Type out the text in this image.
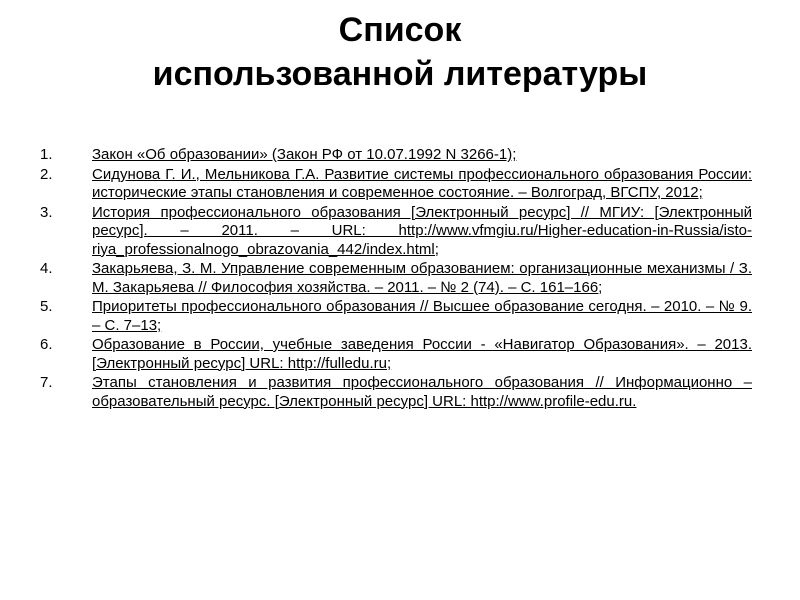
Список
использованной литературы
1.	Закон «Об образовании» (Закон РФ от 10.07.1992 N 3266-1);
2.	Сидунова Г. И., Мельникова Г.А. Развитие системы профессионального образования России: исторические этапы становления и современное состояние. – Волгоград, ВГСПУ, 2012;
3.	История профессионального образования [Электронный ресурс] // МГИУ: [Электронный ресурс]. – 2011. – URL: http://www.vfmgiu.ru/Higher-education-in-Russia/isto-riya_professionalnogo_obrazovania_442/index.html;
4.	Закарьяева, З. М. Управление современным образованием: организационные механизмы / З. М. Закарьяева // Философия хозяйства. – 2011. – № 2 (74). – С. 161–166;
5.	Приоритеты профессионального образования // Высшее образование сегодня. – 2010. – № 9. – С. 7–13;
6.	Образование в России, учебные заведения России - «Навигатор Образования». – 2013. [Электронный ресурс] URL: http://fulledu.ru;
7.	Этапы становления и развития профессионального образования // Информационно – образовательный ресурс. [Электронный ресурс] URL: http://www.profile-edu.ru.
